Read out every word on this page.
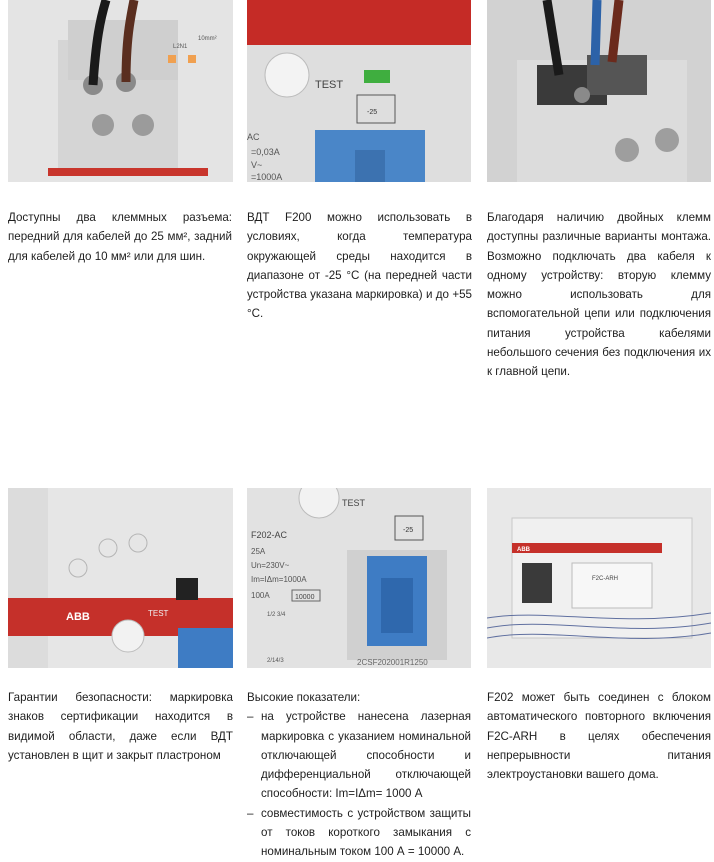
L2N1
10mm²
TEST
-25
AC
=0,03A
V~
=1000A

Доступны два клеммных разъема: передний для кабелей до 25 мм², задний для кабелей до 10 мм² или для шин.

ВДТ F200 можно использовать в условиях, когда температура окружающей среды находится в диапазоне от -25 °С (на передней части устройства указана маркировка) и до +55 °С.

Благодаря наличию двойных клемм доступны различные варианты монтажа. Возможно подключать два кабеля к одному устройству: вторую клемму можно использовать для вспомогательной цепи или подключения питания устройства кабелями небольшого сечения без подключения их к главной цепи.

ABB	TEST
TEST
-25
F202-AC
25A
Un=230V~
Im=IΔm=1000A
100A	10000
1/2 3/4
2/14/3	2CSF202001R1250
ABB
F2C-ARH

Гарантии безопасности: маркировка знаков сертификации находится в видимой области, даже если ВДТ установлен в щит и закрыт пластроном

Высокие показатели:

– на устройстве нанесена лазерная маркировка с указанием номинальной отключающей способности и дифференциальной отключающей способности: Im=IΔm= 1000 А
– совместимость с устройством защиты от токов короткого замыкания с номинальным током 100 А = 10000 А.

F202 может быть соединен с блоком автоматического повторного включения F2C-ARH в целях обеспечения непрерывности питания электроустановки вашего дома.
